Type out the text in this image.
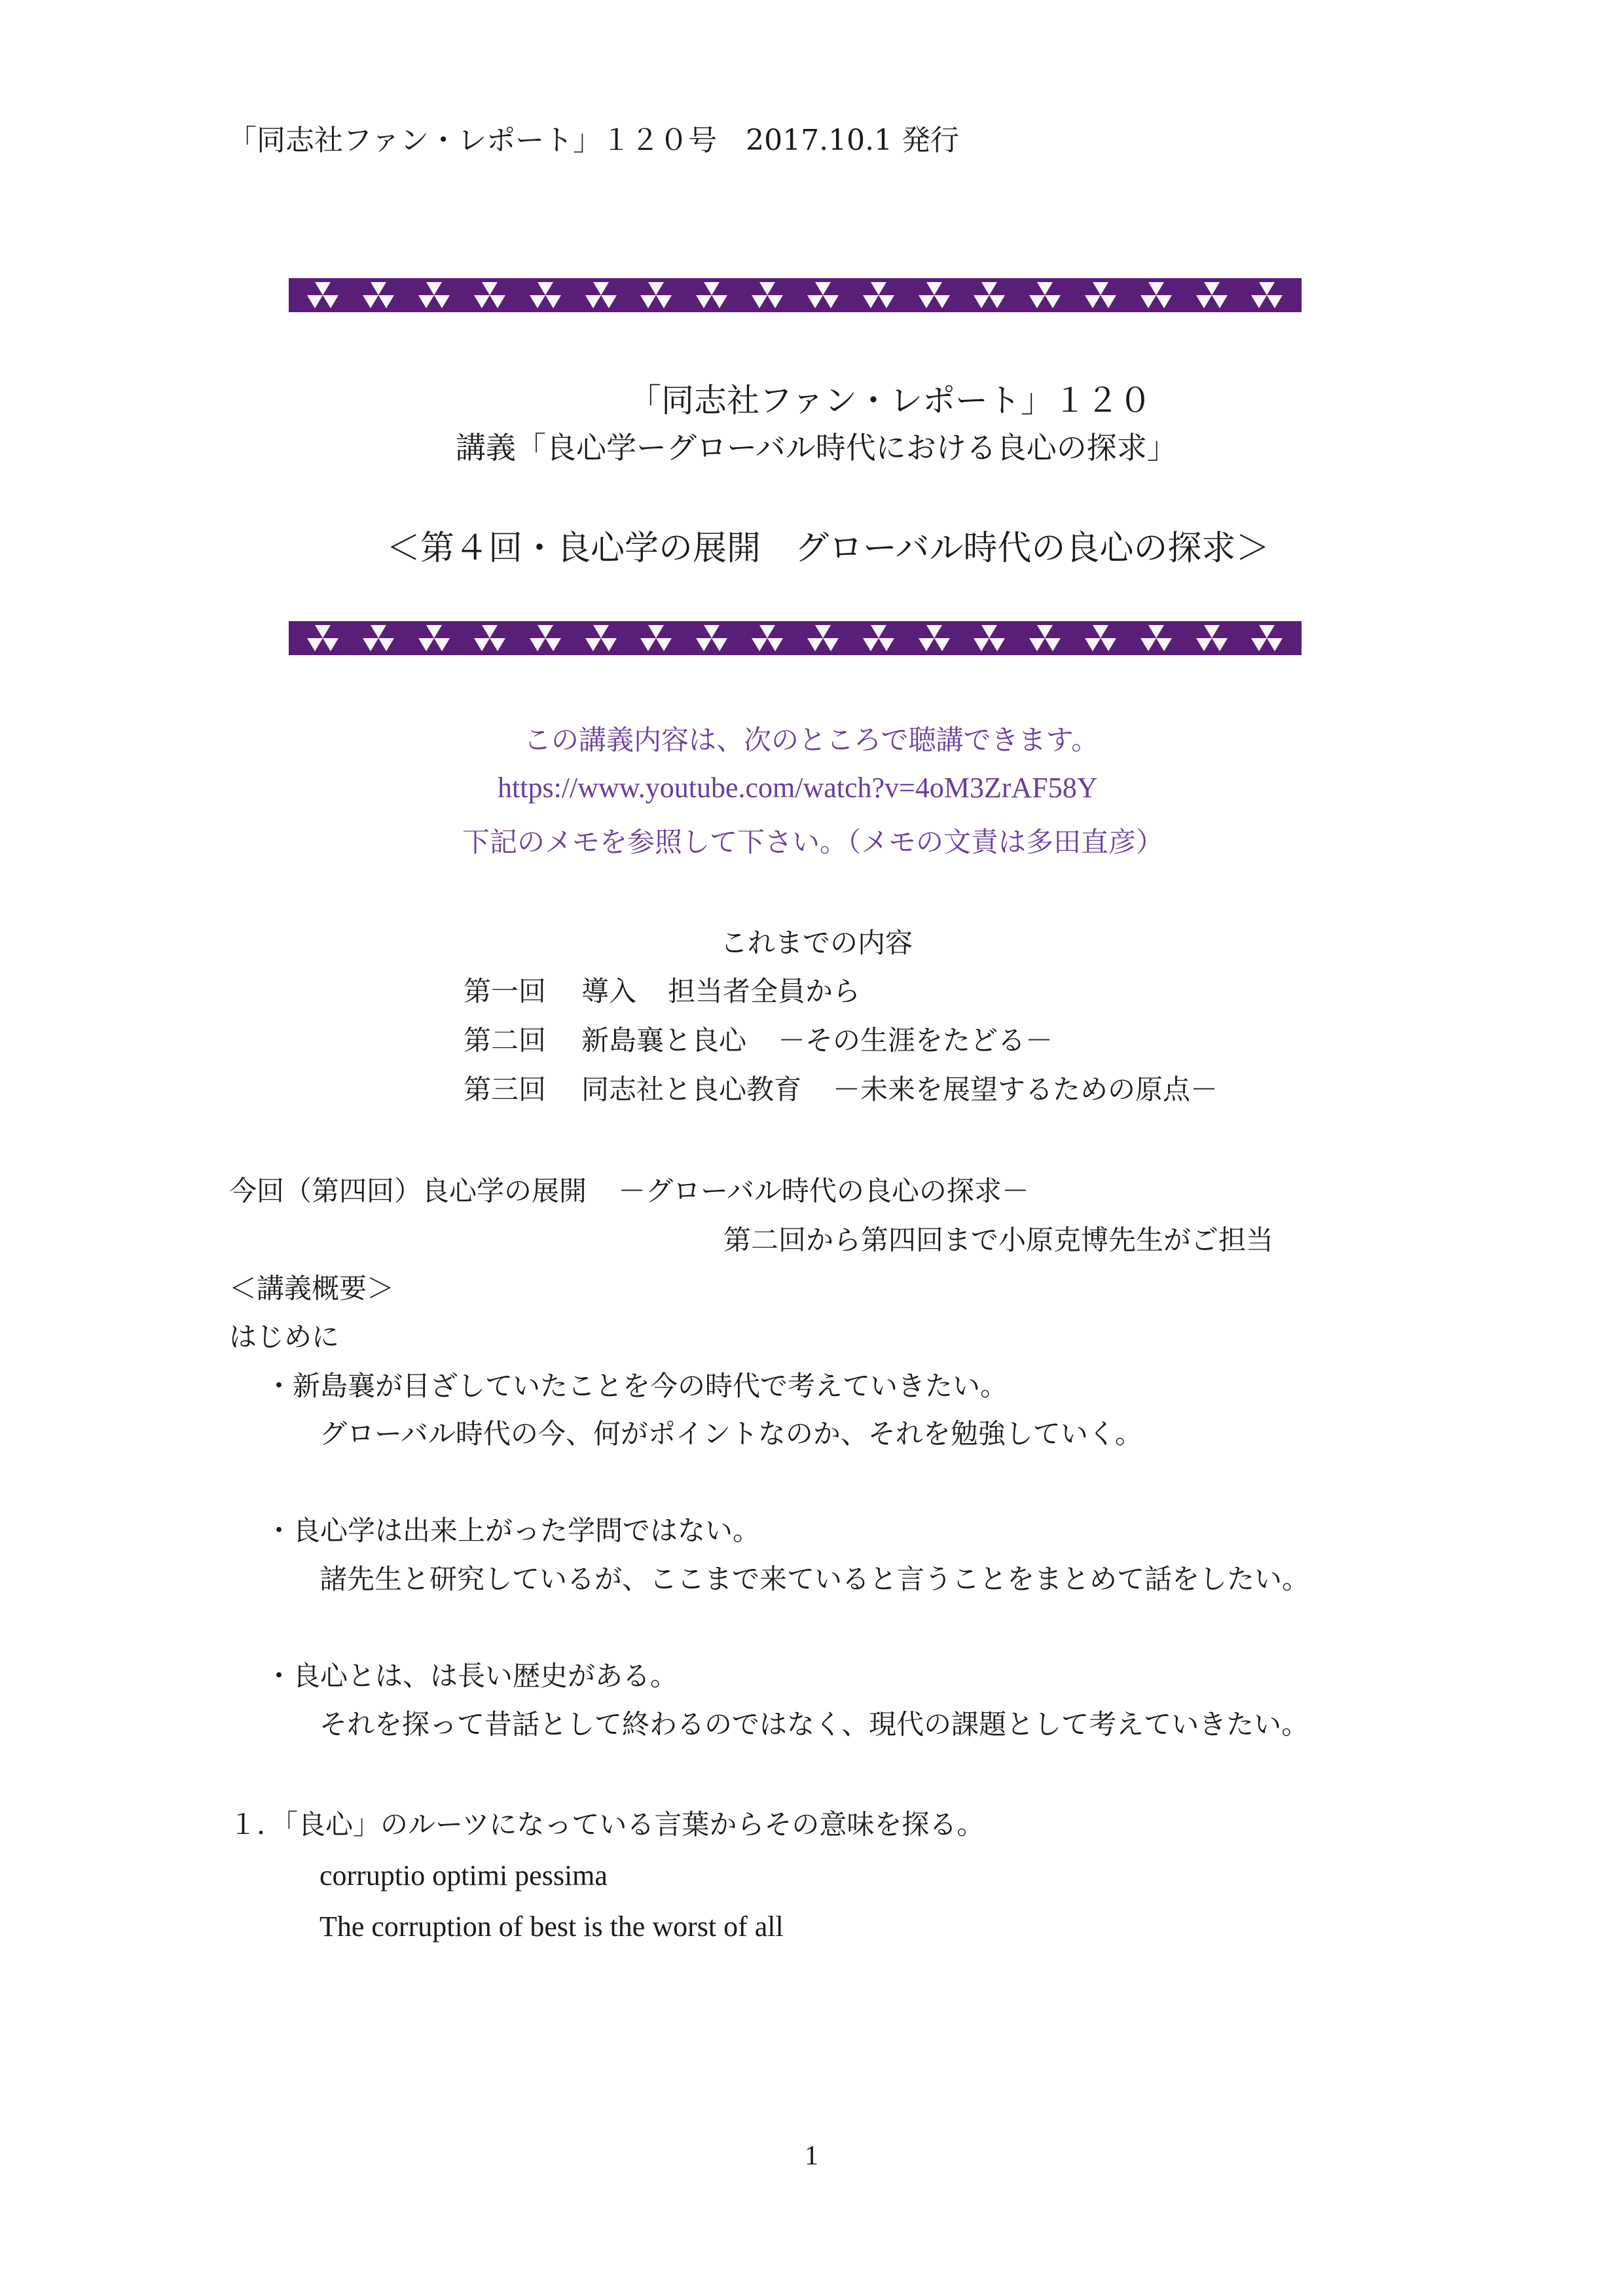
「同志社ファン・レポート」１２０号　2017.10.1 発行
「同志社ファン・レポート」１２０
講義「良心学ーグローバル時代における良心の探求」
＜第４回・良心学の展開　グローバル時代の良心の探求＞
この講義内容は、次のところで聴講できます。
https://www.youtube.com/watch?v=4oM3ZrAF58Y
下記のメモを参照して下さい。（メモの文責は多田直彦）
これまでの内容
第一回 導入 担当者全員から
第二回 新島襄と良心 －その生涯をたどる－
第三回 同志社と良心教育 －未来を展望するための原点－
今回（第四回）良心学の展開 －グローバル時代の良心の探求－
第二回から第四回まで小原克博先生がご担当
＜講義概要＞
はじめに
・新島襄が目ざしていたことを今の時代で考えていきたい。
グローバル時代の今、何がポイントなのか、それを勉強していく。
・良心学は出来上がった学問ではない。
諸先生と研究しているが、ここまで来ていると言うことをまとめて話をしたい。
・良心とは、は長い歴史がある。
それを探って昔話として終わるのではなく、現代の課題として考えていきたい。
１．「良心」のルーツになっている言葉からその意味を探る。
corruptio optimi pessima
The corruption of best is the worst of all
1
